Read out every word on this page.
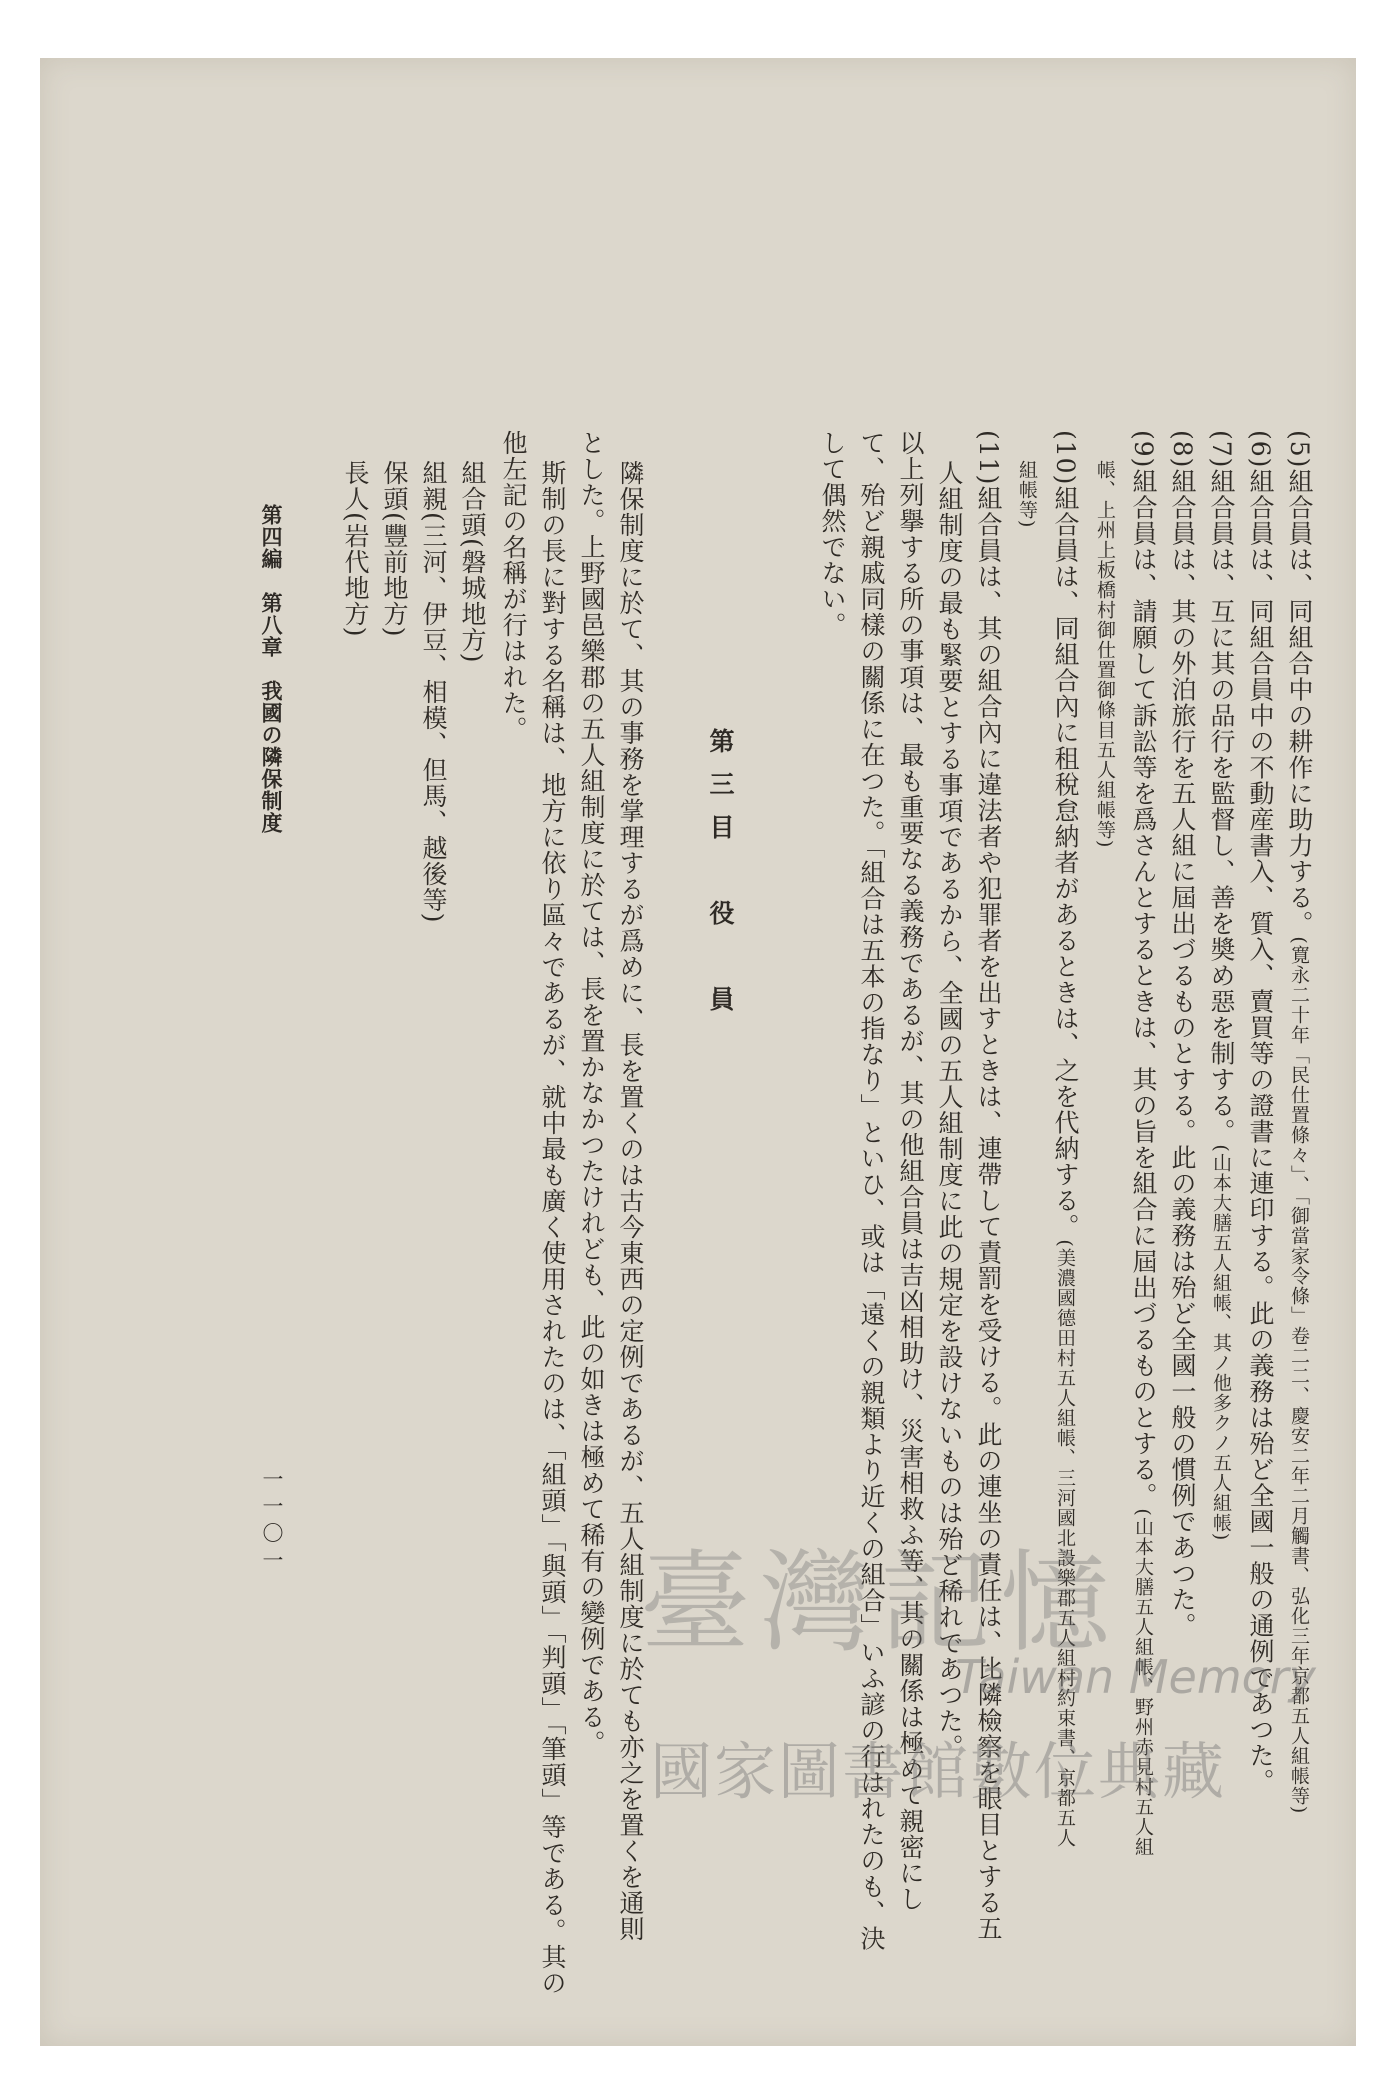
(5)組合員は、同組合中の耕作に助力する。(寛永二十年「民仕置條々」、「御當家令條」卷二二、慶安二年二月觸書、弘化三年京都五人組帳等)
(6)組合員は、同組合員中の不動産書入、質入、賣買等の證書に連印する。此の義務は殆ど全國一般の通例であつた。
(7)組合員は、互に其の品行を監督し、善を奬め惡を制する。(山本大膳五人組帳、其ノ他多クノ五人組帳)
(8)組合員は、其の外泊旅行を五人組に屆出づるものとする。此の義務は殆ど全國一般の慣例であつた。
(9)組合員は、請願して訴訟等を爲さんとするときは、其の旨を組合に屆出づるものとする。(山本大膳五人組帳、野州赤見村五人組
帳、上州上板橋村御仕置御條目五人組帳等)
(10)組合員は、同組合內に租稅怠納者があるときは、之を代納する。(美濃國德田村五人組帳、三河國北設樂郡五人組村約束書、京都五人
組帳等)
(11)組合員は、其の組合內に違法者や犯罪者を出すときは、連帶して責罰を受ける。此の連坐の責任は、比隣檢察を眼目とする五
人組制度の最も緊要とする事項であるから、全國の五人組制度に此の規定を設けないものは殆ど稀れであつた。
以上列擧する所の事項は、最も重要なる義務であるが、其の他組合員は吉凶相助け、災害相救ふ等、其の關係は極めて親密にし
て、殆ど親戚同樣の關係に在つた。「組合は五本の指なり」といひ、或は「遠くの親類より近くの組合」いふ諺の行はれたのも、決
して偶然でない。
第三目　役　員
隣保制度に於て、其の事務を掌理するが爲めに、長を置くのは古今東西の定例であるが、五人組制度に於ても亦之を置くを通則
とした。上野國邑樂郡の五人組制度に於ては、長を置かなかつたけれども、此の如きは極めて稀有の變例である。
斯制の長に對する名稱は、地方に依り區々であるが、就中最も廣く使用されたのは、「組頭」「與頭」「判頭」「筆頭」等である。其の
他左記の名稱が行はれた。
組合頭(磐城地方)
組親(三河、伊豆、相模、但馬、越後等)
保頭(豐前地方)
長人(岩代地方)
第四編　第八章　我國の隣保制度
一一〇一
臺灣記憶
Taiwan Memory
國家圖書館數位典藏
